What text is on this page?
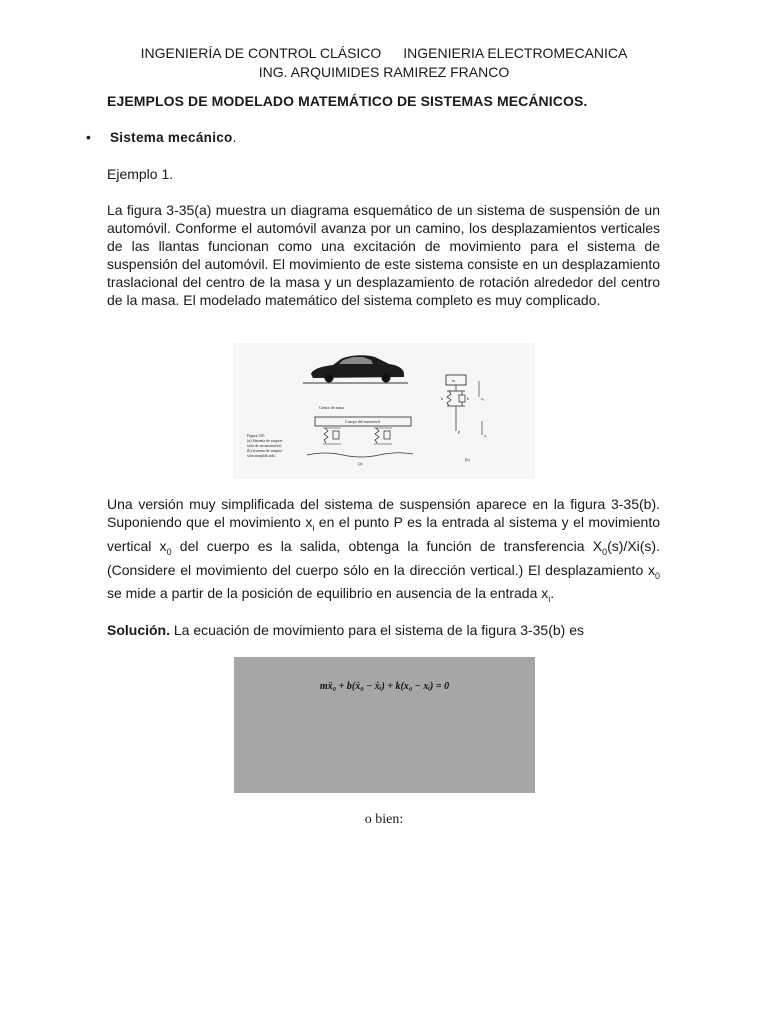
INGENIERÍA DE CONTROL CLÁSICO INGENIERIA ELECTROMECANICA
ING. ARQUIMIDES RAMIREZ FRANCO
EJEMPLOS DE MODELADO MATEMÁTICO DE SISTEMAS MECÁNICOS.
• Sistema mecánico.
Ejemplo 1.

La figura 3-35(a) muestra un diagrama esquemático de un sistema de suspensión de un automóvil. Conforme el automóvil avanza por un camino, los desplazamientos verticales de las llantas funcionan como una excitación de movimiento para el sistema de suspensión del automóvil. El movimiento de este sistema consiste en un desplazamiento traslacional del centro de la masa y un desplazamiento de rotación alrededor del centro de la masa. El modelado matemático del sistema completo es muy complicado.

m
k	b	x₀
xᵢ
P
(b)
Centro de masa
Cuerpo del automóvil
(a)
Figura 335
(a) Sistema de suspen-
sión de un automóvil;
(b) sistema de suspen-
sión simplificado.

Una versión muy simplificada del sistema de suspensión aparece en la figura 3-35(b). Suponiendo que el movimiento $x_i$ en el punto P es la entrada al sistema y el movimiento vertical $x_0$ del cuerpo es la salida, obtenga la función de transferencia $X_0(s)/Xi(s)$. (Considere el movimiento del cuerpo sólo en la dirección vertical.) El desplazamiento $x_0$ se mide a partir de la posición de equilibrio en ausencia de la entrada $x_i$.

Solución. La ecuación de movimiento para el sistema de la figura 3-35(b) es

mẍ₀ + b(ẋ₀ − ẋᵢ) + k(x₀ − xᵢ) = 0
o bien:
